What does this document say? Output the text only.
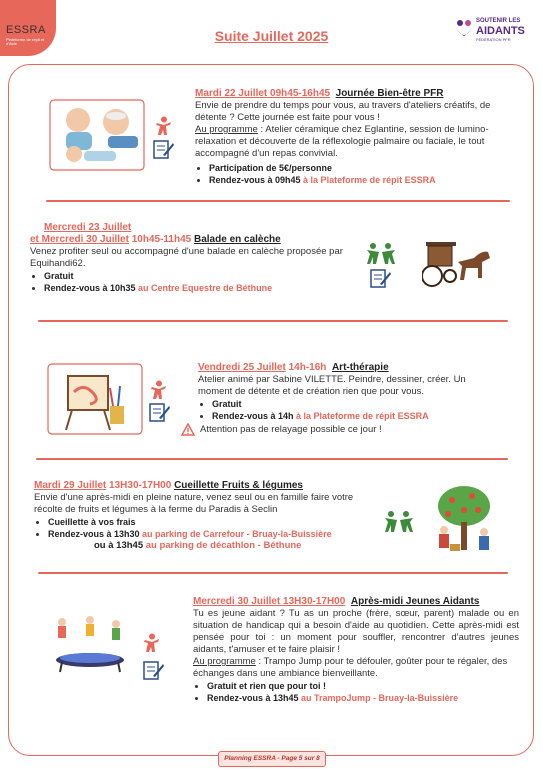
ESSRA
Plateforme de répit et d'Aide	Suite Juillet 2025
SOUTENIR LES
AIDANTS
FÉDÉRATION PFR
Mardi 22 Juillet 09h45-16h45 Journée Bien-être PFR
Envie de prendre du temps pour vous, au travers d'ateliers créatifs, de détente ? Cette journée est faite pour vous !
Au programme : Atelier céramique chez Eglantine, session de lumino-relaxation et découverte de la réflexologie palmaire ou faciale, le tout accompagné d'un repas convivial.
• Participation de 5€/personne
• Rendez-vous à 09h45 à la Plateforme de répit ESSRA
Mercredi 23 Juillet
et Mercredi 30 Juillet 10h45-11h45 Balade en calèche
Venez profiter seul ou accompagné d'une balade en calèche proposée par Equihandi62.
• Gratuit
• Rendez-vous à 10h35 au Centre Equestre de Béthune
Vendredi 25 Juillet 14h-16h Art-thérapie
Atelier animé par Sabine VILETTE. Peindre, dessiner, créer. Un moment de détente et de création rien que pour vous.
• Gratuit
• Rendez-vous à 14h à la Plateforme de répit ESSRA
Attention pas de relayage possible ce jour !
Mardi 29 Juillet 13H30-17H00 Cueillette Fruits & légumes
Envie d'une après-midi en pleine nature, venez seul ou en famille faire votre récolte de fruits et légumes à la ferme du Paradis à Seclin
• Cueillette à vos frais
• Rendez-vous à 13h30 au parking de Carrefour - Bruay-la-Buissière
ou à 13h45 au parking de décathlon - Béthune
Mercredi 30 Juillet 13H30-17H00 Après-midi Jeunes Aidants
Tu es jeune aidant ? Tu as un proche (frère, sœur, parent) malade ou en situation de handicap qui a besoin d'aide au quotidien. Cette après-midi est pensée pour toi : un moment pour souffler, rencontrer d'autres jeunes aidants, t'amuser et te faire plaisir !
Au programme : Trampo Jump pour te défouler, goûter pour te régaler, des échanges dans une ambiance bienveillante.
• Gratuit et rien que pour toi !
• Rendez-vous à 13h45 au TrampoJump - Bruay-la-Buissière
Planning ESSRA - Page 5 sur 8
